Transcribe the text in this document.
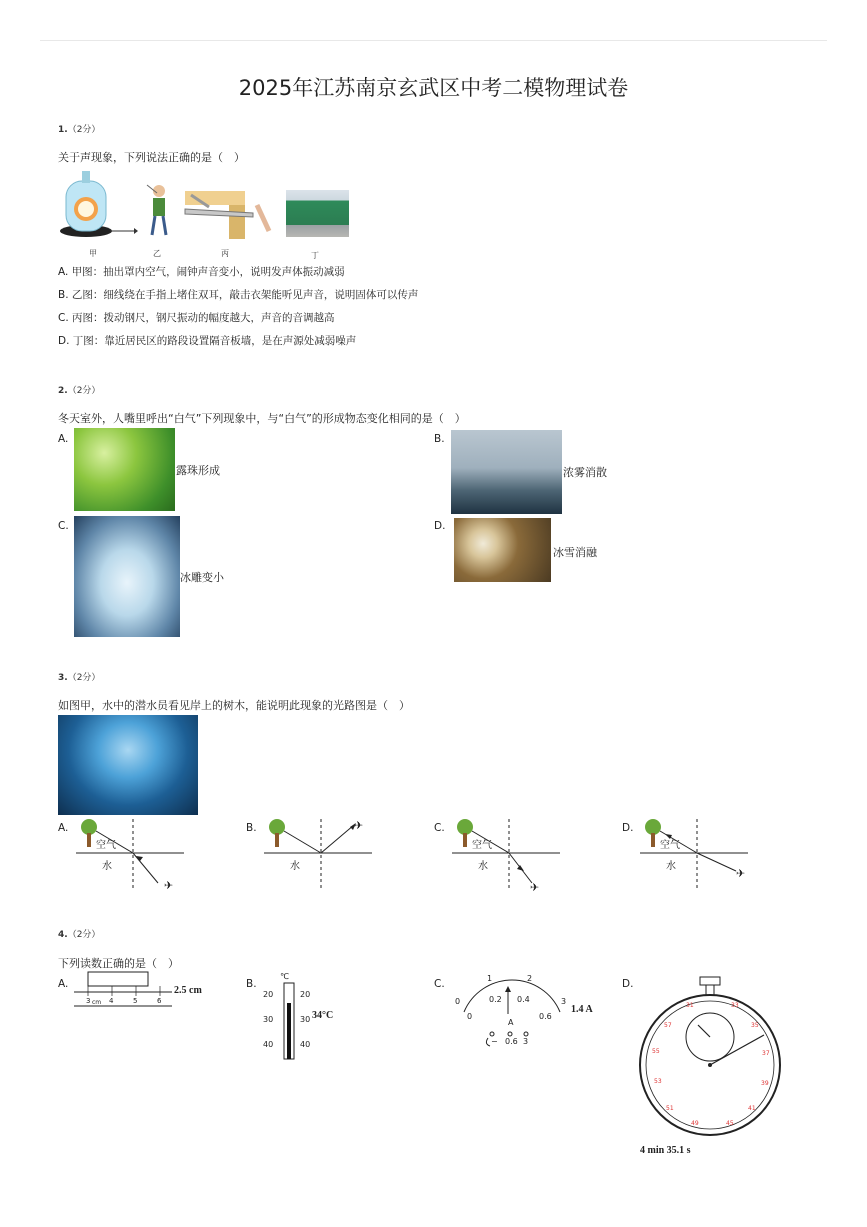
2025年江苏南京玄武区中考二模物理试卷
1.（2分）
关于声现象，下列说法正确的是（　）
甲	乙	丙	丁
A. 甲图：抽出罩内空气，闹钟声音变小，说明发声体振动减弱
B. 乙图：细线绕在手指上堵住双耳，敲击衣架能听见声音，说明固体可以传声
C. 丙图：拨动钢尺，钢尺振动的幅度越大，声音的音调越高
D. 丁图：靠近居民区的路段设置隔音板墙，是在声源处减弱噪声
2.（2分）
冬天室外，人嘴里呼出“白气”下列现象中，与“白气”的形成物态变化相同的是（　）
A.
露珠形成
B.
浓雾消散
C.
冰雕变小
D.
冰雪消融
3.（2分）
如图甲，水中的潜水员看见岸上的树木，能说明此现象的光路图是（　）
A.
✈
空气
水
B.	✈
水
C.
✈
空气
水
D.
✈
空气
水
4.（2分）
下列读数正确的是（　）
A.
3 cm 4	5	6
2.5 cm
B.
℃
20
30
40
20
30
40
34°C
C.
0
1	2
3
0
0.2 0.4
0.6
A
− 0.6 3
1.4 A
D.
31	33
35
37
39
41
45
49
51
53
55
57
4 min 35.1 s
